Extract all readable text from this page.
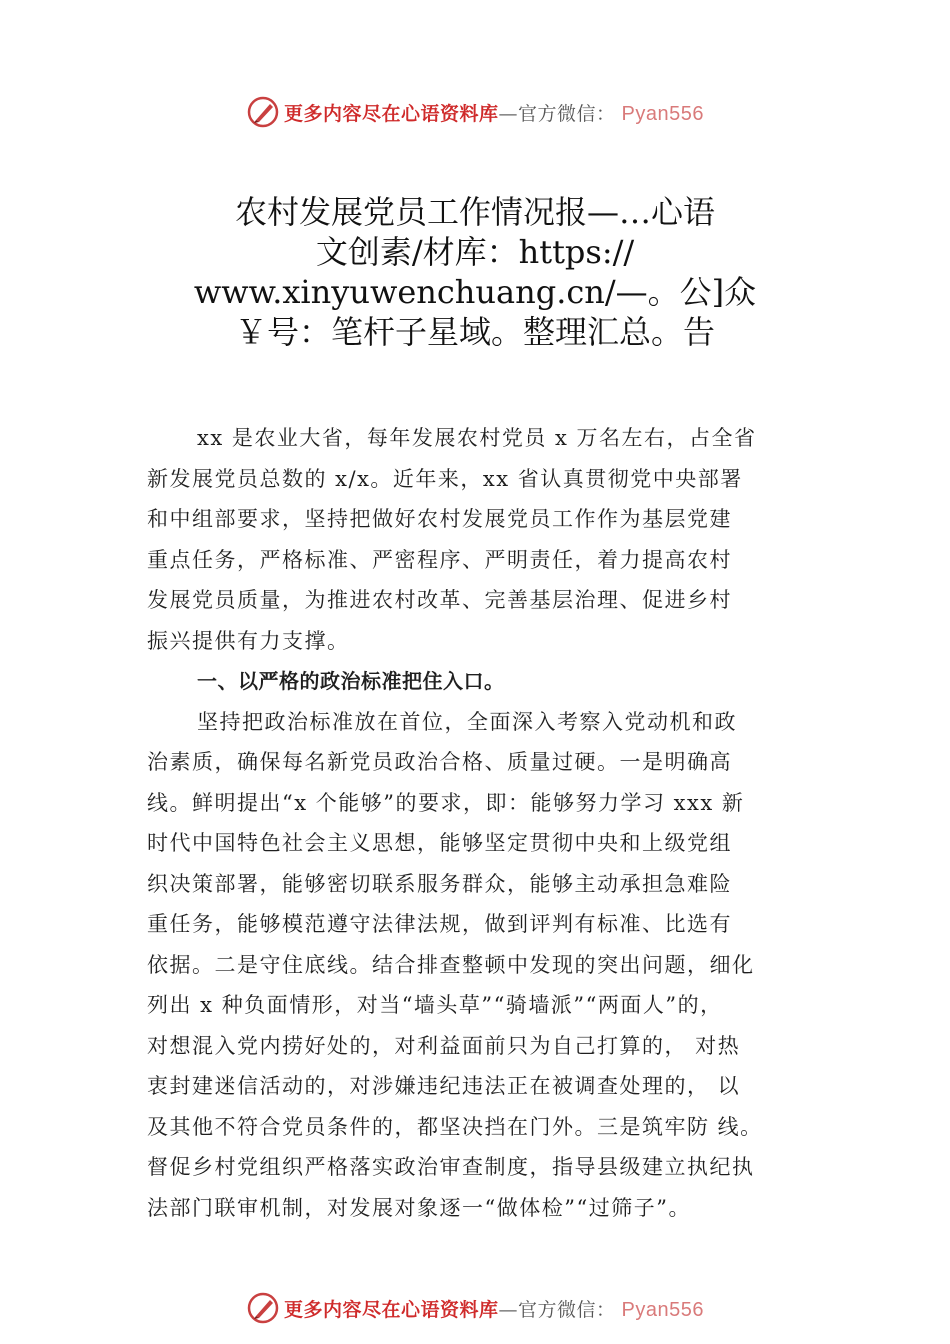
更多内容尽在心语资料库—官方微信： Pyan556
农村发展党员工作情况报—…心语
文创素/材库：https://
www.xinyuwenchuang.cn/—。公]众
￥号：笔杆子星域。整理汇总。告
xx 是农业大省，每年发展农村党员 x 万名左右，占全省
新发展党员总数的 x/x。近年来，xx 省认真贯彻党中央部署
和中组部要求，坚持把做好农村发展党员工作作为基层党建
重点任务，严格标准、严密程序、严明责任，着力提高农村
发展党员质量，为推进农村改革、完善基层治理、促进乡村
振兴提供有力支撑。
一、以严格的政治标准把住入口。
坚持把政治标准放在首位，全面深入考察入党动机和政
治素质，确保每名新党员政治合格、质量过硬。一是明确高
线。鲜明提出“x 个能够”的要求，即：能够努力学习 xxx 新
时代中国特色社会主义思想，能够坚定贯彻中央和上级党组
织决策部署，能够密切联系服务群众，能够主动承担急难险
重任务，能够模范遵守法律法规，做到评判有标准、比选有
依据。二是守住底线。结合排查整顿中发现的突出问题，细化
列出 x 种负面情形，对当“墙头草”“骑墙派”“两面人”的，
对想混入党内捞好处的，对利益面前只为自己打算的， 对热
衷封建迷信活动的，对涉嫌违纪违法正在被调查处理的， 以
及其他不符合党员条件的，都坚决挡在门外。三是筑牢防 线。
督促乡村党组织严格落实政治审查制度，指导县级建立执纪执
法部门联审机制，对发展对象逐一“做体检”“过筛子”。
更多内容尽在心语资料库—官方微信： Pyan556
